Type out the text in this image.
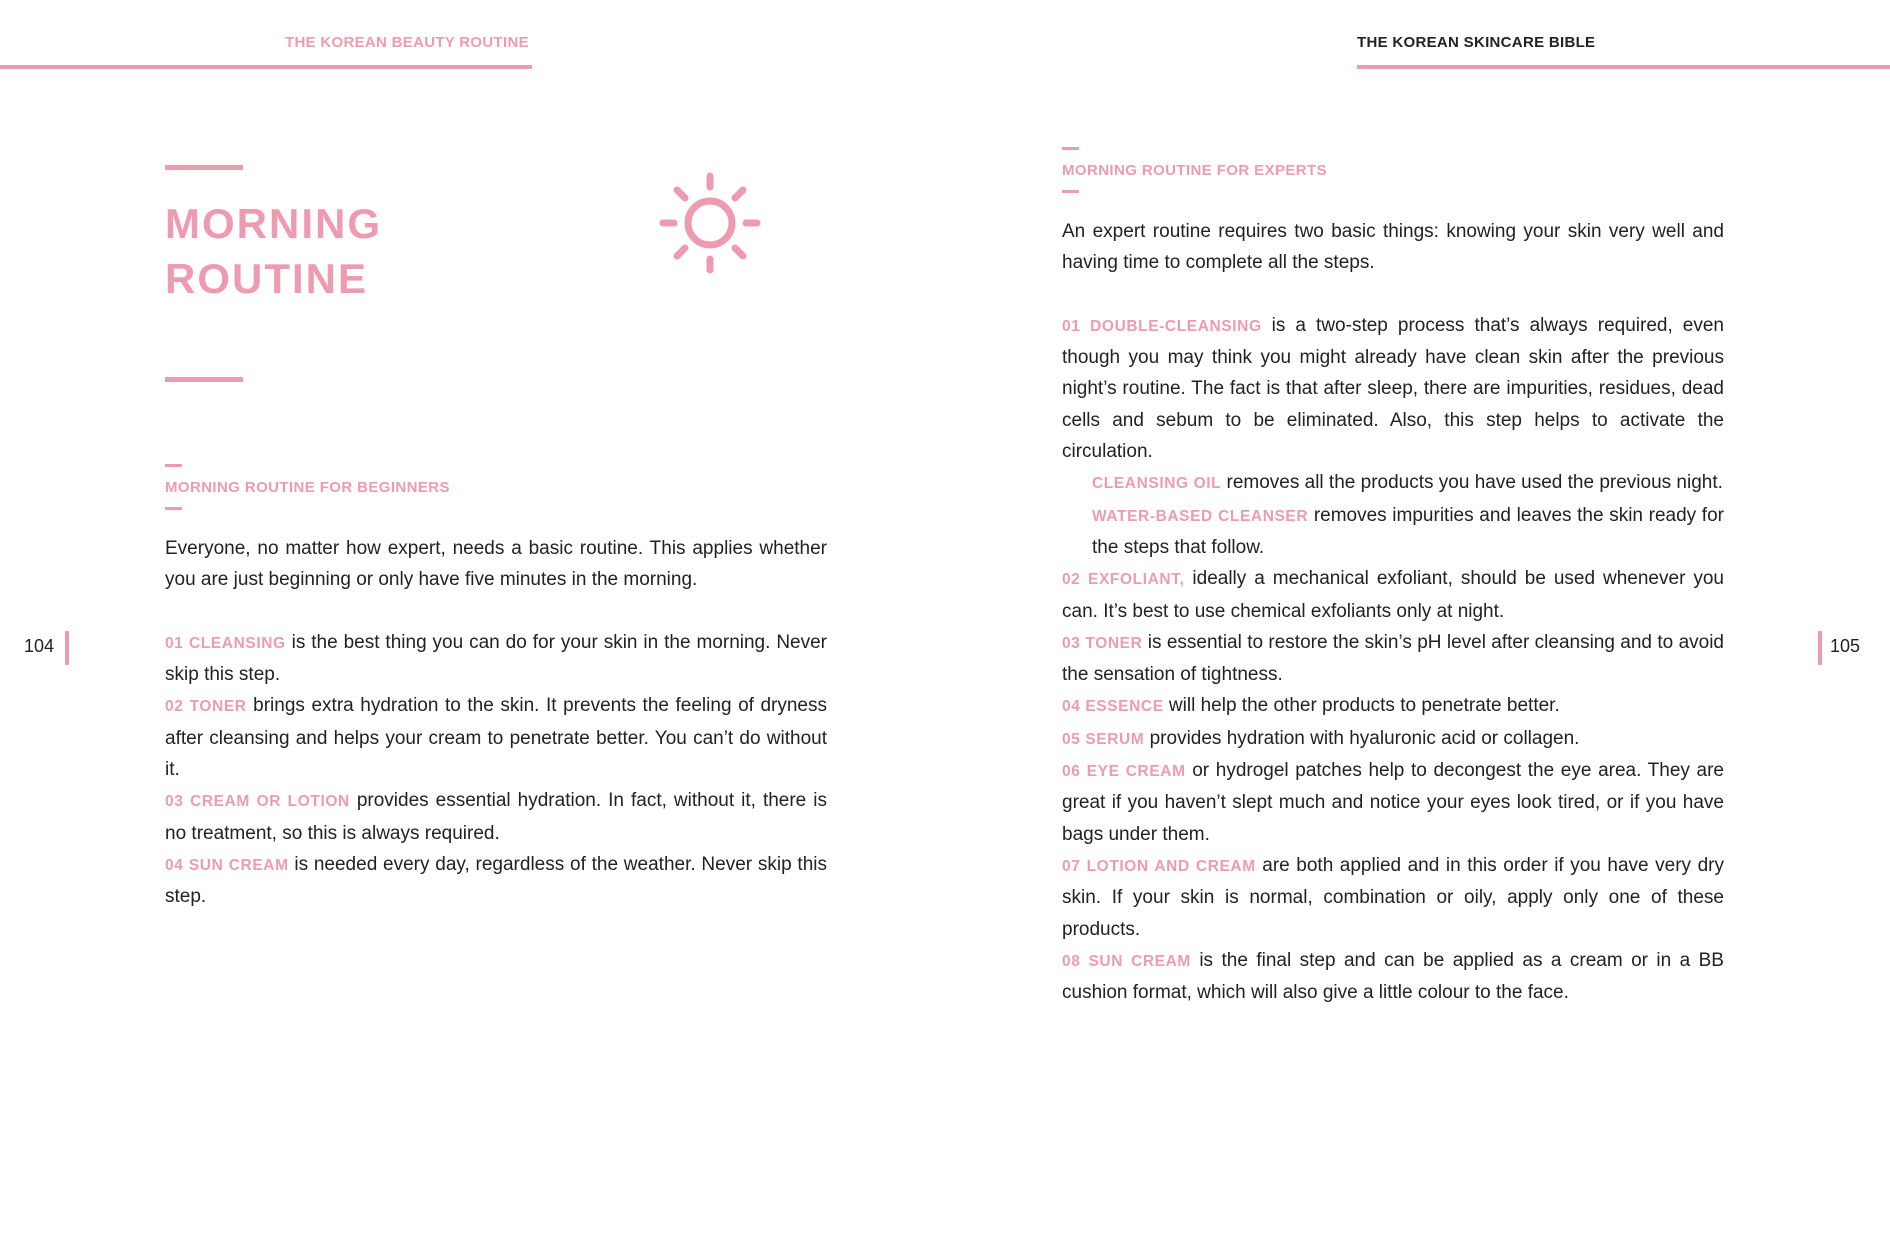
THE KOREAN BEAUTY ROUTINE
MORNING
ROUTINE
MORNING ROUTINE FOR BEGINNERS

Everyone, no matter how expert, needs a basic routine. This applies whether you are just beginning or only have five minutes in the morning.

01 CLEANSING is the best thing you can do for your skin in the morning. Never skip this step.

02 TONER brings extra hydration to the skin. It prevents the feeling of dryness after cleansing and helps your cream to penetrate better. You can’t do without it.

03 CREAM OR LOTION provides essential hydration. In fact, without it, there is no treatment, so this is always required.

04 SUN CREAM is needed every day, regardless of the weather. Never skip this step.

104
THE KOREAN SKINCARE BIBLE
MORNING ROUTINE FOR EXPERTS

An expert routine requires two basic things: knowing your skin very well and having time to complete all the steps.

01 DOUBLE-CLEANSING is a two-step process that’s always required, even though you may think you might already have clean skin after the previous night’s routine. The fact is that after sleep, there are impurities, residues, dead cells and sebum to be eliminated. Also, this step helps to activate the circulation.

CLEANSING OIL removes all the products you have used the previous night.

WATER-BASED CLEANSER removes impurities and leaves the skin ready for the steps that follow.

02 EXFOLIANT, ideally a mechanical exfoliant, should be used whenever you can. It’s best to use chemical exfoliants only at night.

03 TONER is essential to restore the skin’s pH level after cleansing and to avoid the sensation of tightness.

04 ESSENCE will help the other products to penetrate better.

05 SERUM provides hydration with hyaluronic acid or collagen.

06 EYE CREAM or hydrogel patches help to decongest the eye area. They are great if you haven’t slept much and notice your eyes look tired, or if you have bags under them.

07 LOTION AND CREAM are both applied and in this order if you have very dry skin. If your skin is normal, combination or oily, apply only one of these products.

08 SUN CREAM is the final step and can be applied as a cream or in a BB cushion format, which will also give a little colour to the face.

105
